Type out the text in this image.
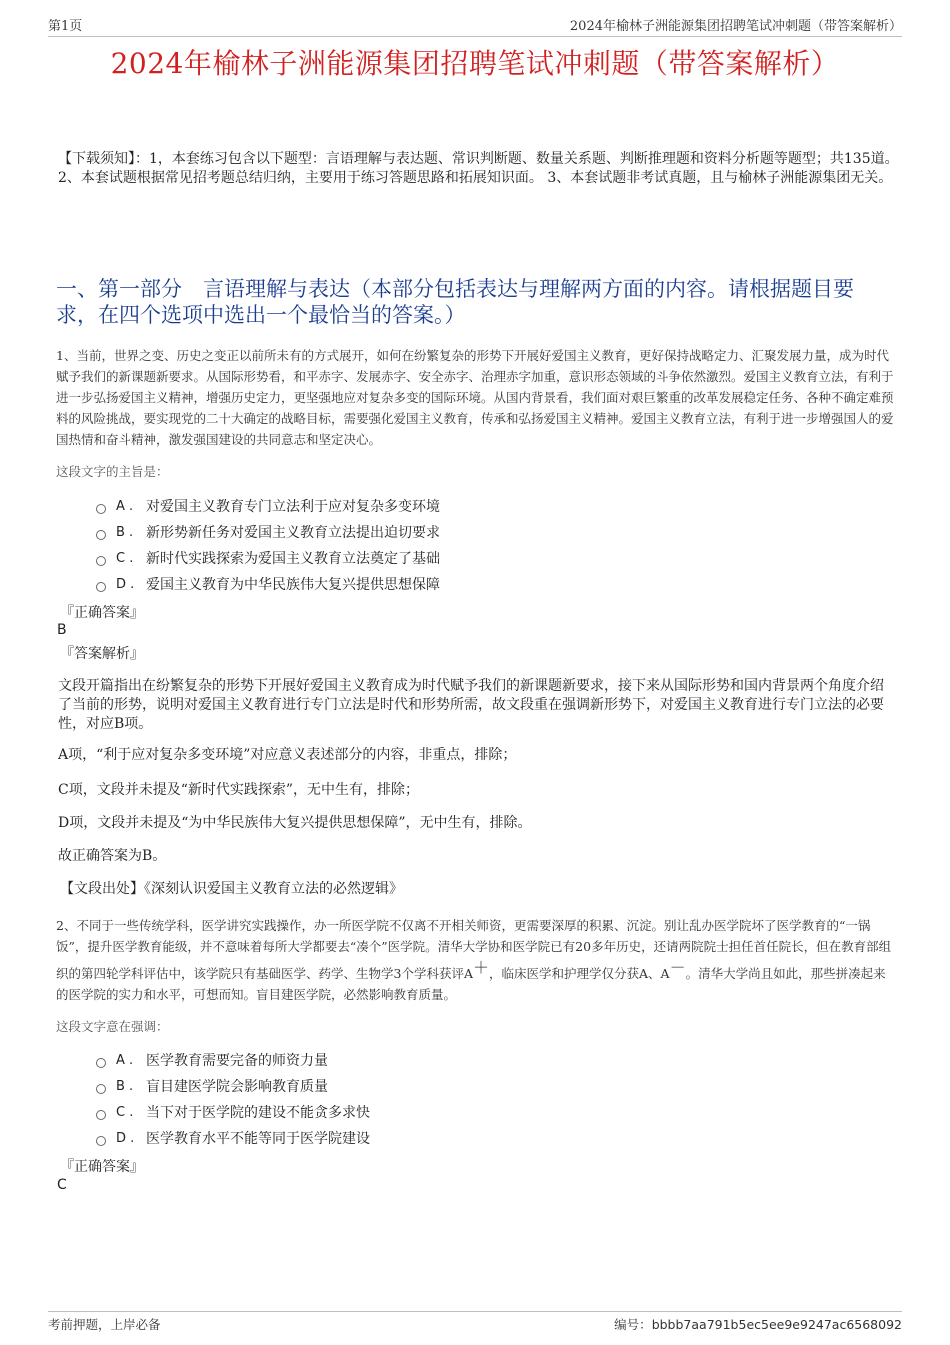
第1页	2024年榆林子洲能源集团招聘笔试冲刺题（带答案解析）
2024年榆林子洲能源集团招聘笔试冲刺题（带答案解析）
【下载须知】：1，本套练习包含以下题型：言语理解与表达题、常识判断题、数量关系题、判断推理题和资料分析题等题型；共135道。 2、本套试题根据常见招考题总结归纳，主要用于练习答题思路和拓展知识面。 3、本套试题非考试真题，且与榆林子洲能源集团无关。
一、第一部分　言语理解与表达（本部分包括表达与理解两方面的内容。请根据题目要求，在四个选项中选出一个最恰当的答案。）
1、当前，世界之变、历史之变正以前所未有的方式展开，如何在纷繁复杂的形势下开展好爱国主义教育，更好保持战略定力、汇聚发展力量，成为时代赋予我们的新课题新要求。从国际形势看，和平赤字、发展赤字、安全赤字、治理赤字加重，意识形态领域的斗争依然激烈。爱国主义教育立法，有利于进一步弘扬爱国主义精神，增强历史定力，更坚强地应对复杂多变的国际环境。从国内背景看，我们面对艰巨繁重的改革发展稳定任务、各种不确定难预料的风险挑战，要实现党的二十大确定的战略目标，需要强化爱国主义教育，传承和弘扬爱国主义精神。爱国主义教育立法，有利于进一步增强国人的爱国热情和奋斗精神，激发强国建设的共同意志和坚定决心。
这段文字的主旨是：
A . 对爱国主义教育专门立法利于应对复杂多变环境
B . 新形势新任务对爱国主义教育立法提出迫切要求
C . 新时代实践探索为爱国主义教育立法奠定了基础
D . 爱国主义教育为中华民族伟大复兴提供思想保障
『正确答案』
B
『答案解析』
文段开篇指出在纷繁复杂的形势下开展好爱国主义教育成为时代赋予我们的新课题新要求，接下来从国际形势和国内背景两个角度介绍了当前的形势，说明对爱国主义教育进行专门立法是时代和形势所需，故文段重在强调新形势下，对爱国主义教育进行专门立法的必要性，对应B项。
A项，“利于应对复杂多变环境”对应意义表述部分的内容，非重点，排除；
C项，文段并未提及“新时代实践探索”，无中生有，排除；
D项，文段并未提及“为中华民族伟大复兴提供思想保障”，无中生有，排除。
故正确答案为B。
【文段出处】《深刻认识爱国主义教育立法的必然逻辑》
2、不同于一些传统学科，医学讲究实践操作，办一所医学院不仅离不开相关师资，更需要深厚的积累、沉淀。别让乱办医学院坏了医学教育的“一锅饭”，提升医学教育能级，并不意味着每所大学都要去“凑个”医学院。清华大学协和医学院已有20多年历史，还请两院院士担任首任院长，但在教育部组织的第四轮学科评估中，该学院只有基础医学、药学、生物学3个学科获评A＋，临床医学和护理学仅分获A、A－。清华大学尚且如此，那些拼凑起来的医学院的实力和水平，可想而知。盲目建医学院，必然影响教育质量。
这段文字意在强调：
A . 医学教育需要完备的师资力量
B . 盲目建医学院会影响教育质量
C . 当下对于医学院的建设不能贪多求快
D . 医学教育水平不能等同于医学院建设
『正确答案』
C
考前押题，上岸必备	编号：bbbb7aa791b5ec5ee9e9247ac6568092
